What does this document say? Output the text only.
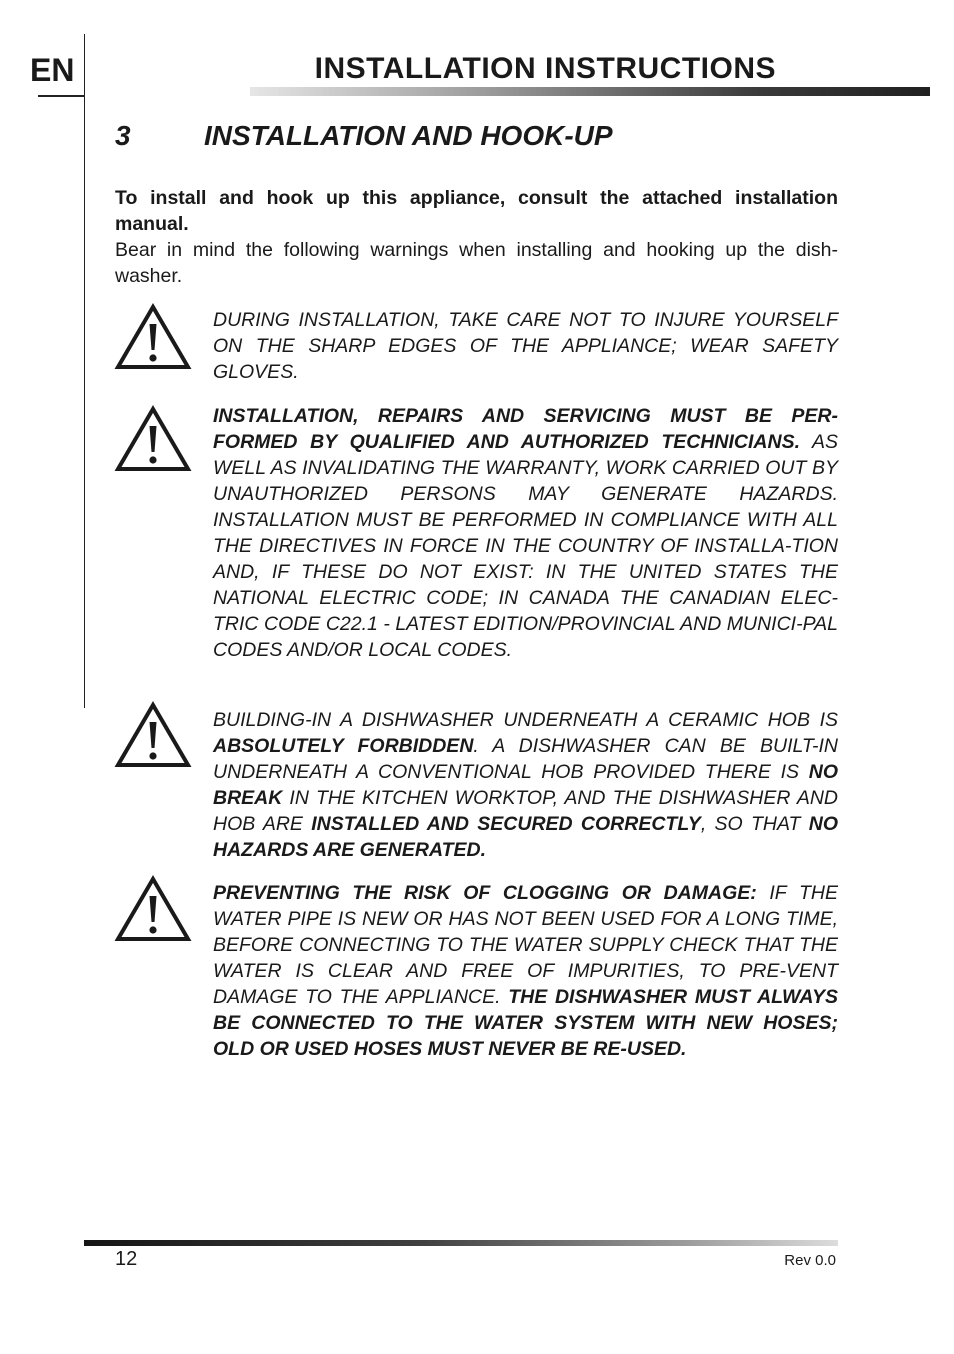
EN	INSTALLATION INSTRUCTIONS
3	INSTALLATION AND HOOK-UP
To install and hook up this appliance, consult the attached installation manual.
Bear in mind the following warnings when installing and hooking up the dish-washer.
DURING INSTALLATION, TAKE CARE NOT TO INJURE YOURSELF ON THE SHARP EDGES OF THE APPLIANCE; WEAR SAFETY GLOVES.
INSTALLATION, REPAIRS AND SERVICING MUST BE PER-FORMED BY QUALIFIED AND AUTHORIZED TECHNICIANS. AS WELL AS INVALIDATING THE WARRANTY, WORK CARRIED OUT BY UNAUTHORIZED PERSONS MAY GENERATE HAZARDS. INSTALLATION MUST BE PERFORMED IN COMPLIANCE WITH ALL THE DIRECTIVES IN FORCE IN THE COUNTRY OF INSTALLA-TION AND, IF THESE DO NOT EXIST: IN THE UNITED STATES THE NATIONAL ELECTRIC CODE; IN CANADA THE CANADIAN ELEC-TRIC CODE C22.1 - LATEST EDITION/PROVINCIAL AND MUNICI-PAL CODES AND/OR LOCAL CODES.
BUILDING-IN A DISHWASHER UNDERNEATH A CERAMIC HOB IS ABSOLUTELY FORBIDDEN. A DISHWASHER CAN BE BUILT-IN UNDERNEATH A CONVENTIONAL HOB PROVIDED THERE IS NO BREAK IN THE KITCHEN WORKTOP, AND THE DISHWASHER AND HOB ARE INSTALLED AND SECURED CORRECTLY, SO THAT NO HAZARDS ARE GENERATED.
PREVENTING THE RISK OF CLOGGING OR DAMAGE: IF THE WATER PIPE IS NEW OR HAS NOT BEEN USED FOR A LONG TIME, BEFORE CONNECTING TO THE WATER SUPPLY CHECK THAT THE WATER IS CLEAR AND FREE OF IMPURITIES, TO PRE-VENT DAMAGE TO THE APPLIANCE. THE DISHWASHER MUST ALWAYS BE CONNECTED TO THE WATER SYSTEM WITH NEW HOSES; OLD OR USED HOSES MUST NEVER BE RE-USED.
12	Rev 0.0
